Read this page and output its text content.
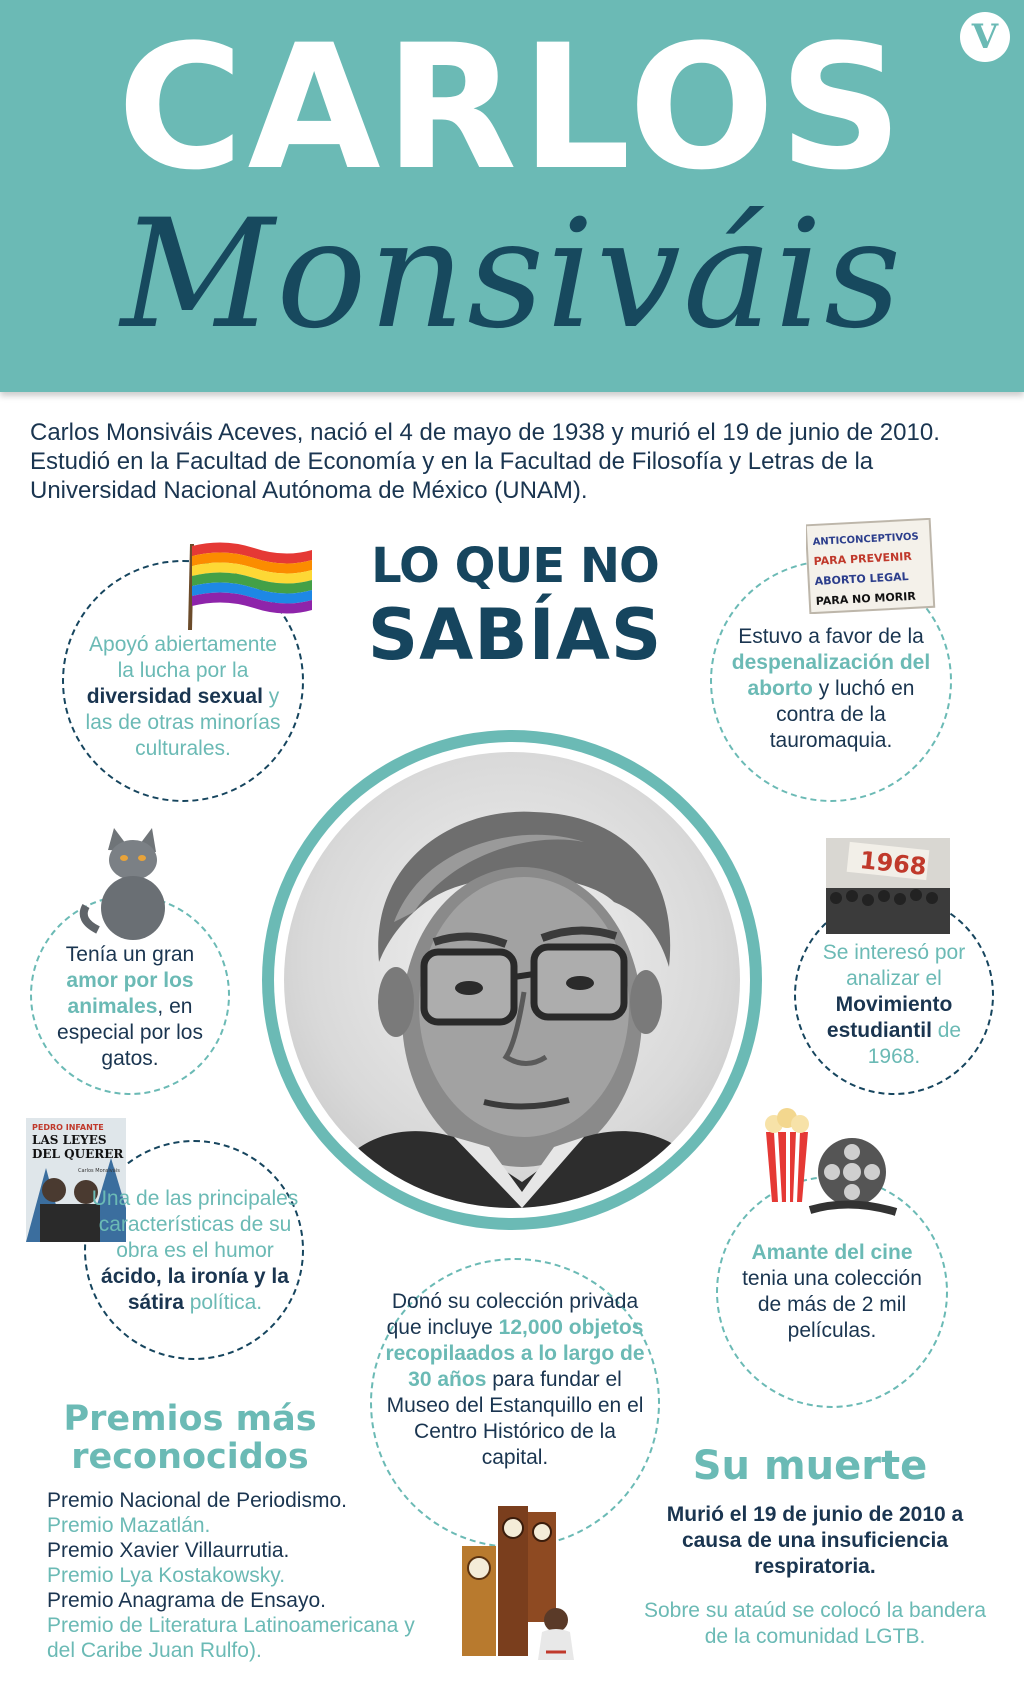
CARLOS
Monsiváis
V
Carlos Monsiváis Aceves, nació el 4 de mayo de 1938 y murió el 19 de junio de 2010. Estudió en la Facultad de Economía y en la Facultad de Filosofía y Letras de la Universidad Nacional Autónoma de México (UNAM).
LO QUE NO
SABÍAS
Apoyó abiertamente la lucha por la diversidad sexual y las de otras minorías culturales.
ANTICONCEPTIVOS
PARA PREVENIR
ABORTO LEGAL
PARA NO MORIR
Estuvo a favor de la despenalización del aborto y luchó en contra de la tauromaquia.
Tenía un gran amor por los animales, en especial por los gatos.
1968
Se interesó por analizar el Movimiento estudiantil de 1968.
PEDRO INFANTE
LAS LEYES
DEL QUERER
Carlos Monsiváis
Una de las principales características de su obra es el humor ácido, la ironía y la sátira política.
Amante del cine tenia una colección de más de 2 mil películas.
Donó su colección privada que incluye 12,000 objetos recopilaados a lo largo de 30 años para fundar el Museo del Estanquillo en el Centro Histórico de la capital.
Premios más
reconocidos
Premio Nacional de Periodismo.
Premio Mazatlán.
Premio Xavier Villaurrutia.
Premio Lya Kostakowsky.
Premio Anagrama de Ensayo.
Premio de Literatura Latinoamericana y del Caribe Juan Rulfo).
Su muerte
Murió el 19 de junio de 2010 a causa de una insuficiencia respiratoria.
Sobre su ataúd se colocó la bandera de la comunidad LGTB.
